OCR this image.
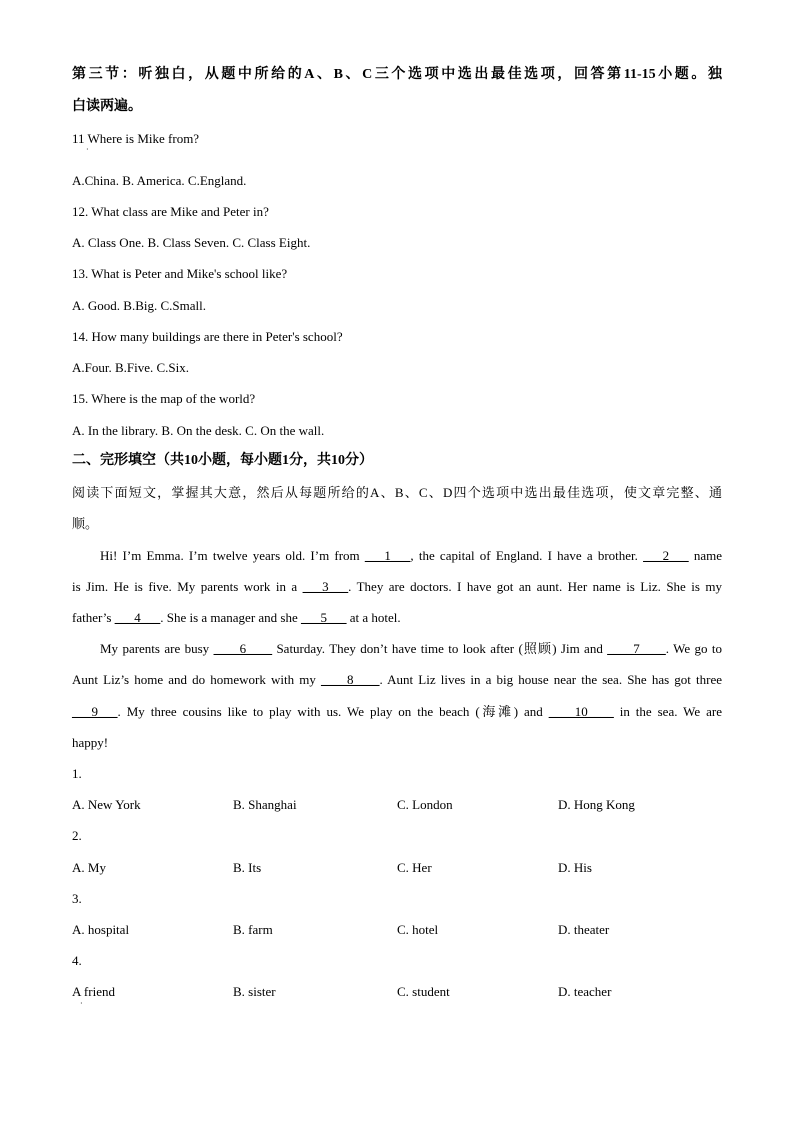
第三节：听独白，从题中所给的A、B、C三个选项中选出最佳选项，回答第11-15小题。独
白读两遍。
11 Where is Mike from?
·
A.China. B. America. C.England.
12. What class are Mike and Peter in?
A. Class One. B. Class Seven. C. Class Eight.
13. What is Peter and Mike's school like?
A. Good. B.Big. C.Small.
14. How many buildings are there in Peter's school?
A.Four. B.Five. C.Six.
15. Where is the map of the world?
A. In the library. B. On the desk. C. On the wall.
二、完形填空（共10小题，每小题1分，共10分）
阅读下面短文，掌握其大意，然后从每题所给的A、B、C、D四个选项中选出最佳选项，使文章完整、通
顺。
Hi! I’m Emma. I’m twelve years old. I’m from ___1___, the capital of England. I have a brother. ___2___ name
is Jim. He is five. My parents work in a ___3___. They are doctors. I have got an aunt. Her name is Liz. She is my
father’s ___4___. She is a manager and she ___5___ at a hotel.
My parents are busy ____6____ Saturday. They don’t have time to look after (照顾) Jim and ____7____. We go to
Aunt Liz’s home and do homework with my ____8____. Aunt Liz lives in a big house near the sea. She has got three
___9___. My three cousins like to play with us. We play on the beach (海滩) and ____10____ in the sea. We are
happy!
1.
A. New York	B. Shanghai	C. London	D. Hong Kong
2.
A. My	B. Its	C. Her	D. His
3.
A. hospital	B. farm	C. hotel	D. theater
4.
A friend	B. sister	C. student	D. teacher
·
